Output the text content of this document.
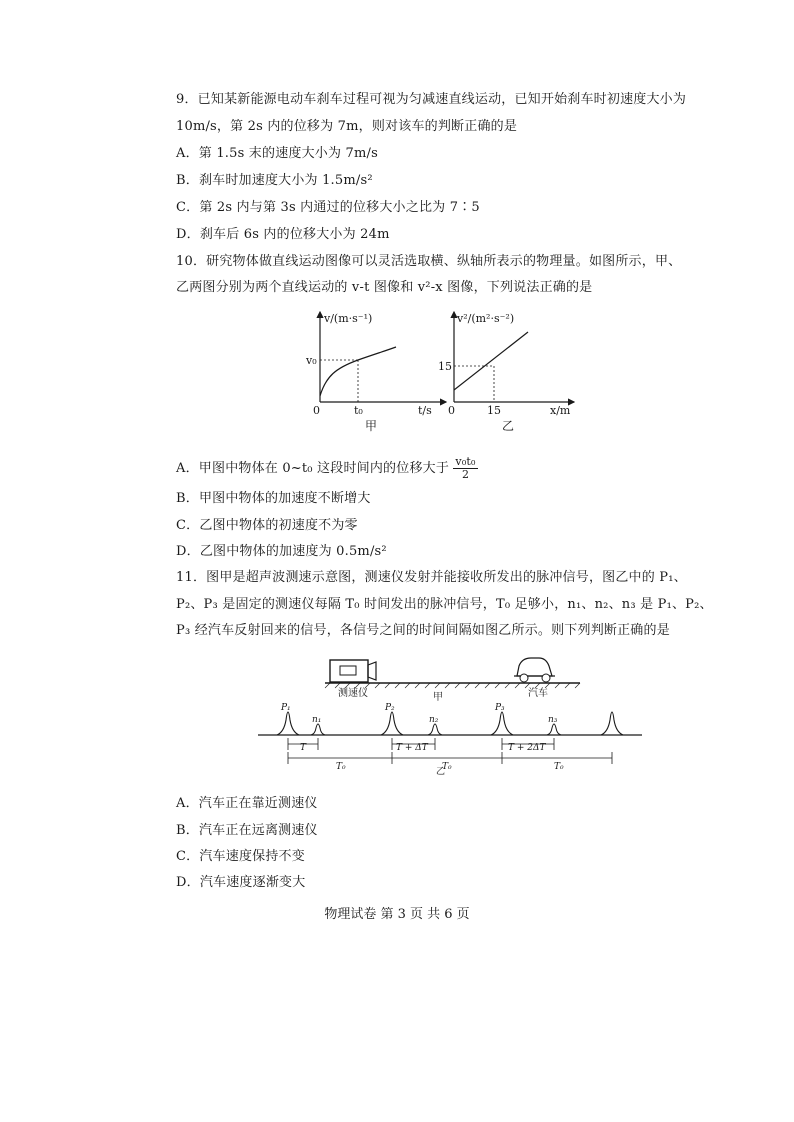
9．已知某新能源电动车刹车过程可视为匀减速直线运动，已知开始刹车时初速度大小为
10m/s，第 2s 内的位移为 7m，则对该车的判断正确的是
A．第 1.5s 末的速度大小为 7m/s
B．刹车时加速度大小为 1.5m/s²
C．第 2s 内与第 3s 内通过的位移大小之比为 7∶5
D．刹车后 6s 内的位移大小为 24m
10．研究物体做直线运动图像可以灵活选取横、纵轴所表示的物理量。如图所示，甲、
乙两图分别为两个直线运动的 v-t 图像和 v²-x 图像，下列说法正确的是
v/(m·s⁻¹)
v₀
0	t₀	t/s
甲
v²/(m²·s⁻²)
15
0	15	x/m
乙
A．甲图中物体在 0~t₀ 这段时间内的位移大于 $\frac{\text{v₀t₀}}{2}$
B．甲图中物体的加速度不断增大
C．乙图中物体的初速度不为零
D．乙图中物体的加速度为 0.5m/s²
11．图甲是超声波测速示意图，测速仪发射并能接收所发出的脉冲信号，图乙中的 P₁、
P₂、P₃ 是固定的测速仪每隔 T₀ 时间发出的脉冲信号，T₀ 足够小，n₁、n₂、n₃ 是 P₁、P₂、
P₃ 经汽车反射回来的信号，各信号之间的时间间隔如图乙所示。则下列判断正确的是
测速仪	汽车
甲
P₁	P₂	P₃
n₁	n₂	n₃
T	T + ΔT	T + 2ΔT
T₀	T₀	T₀
乙
A．汽车正在靠近测速仪
B．汽车正在远离测速仪
C．汽车速度保持不变
D．汽车速度逐渐变大
物理试卷 第 3 页 共 6 页
